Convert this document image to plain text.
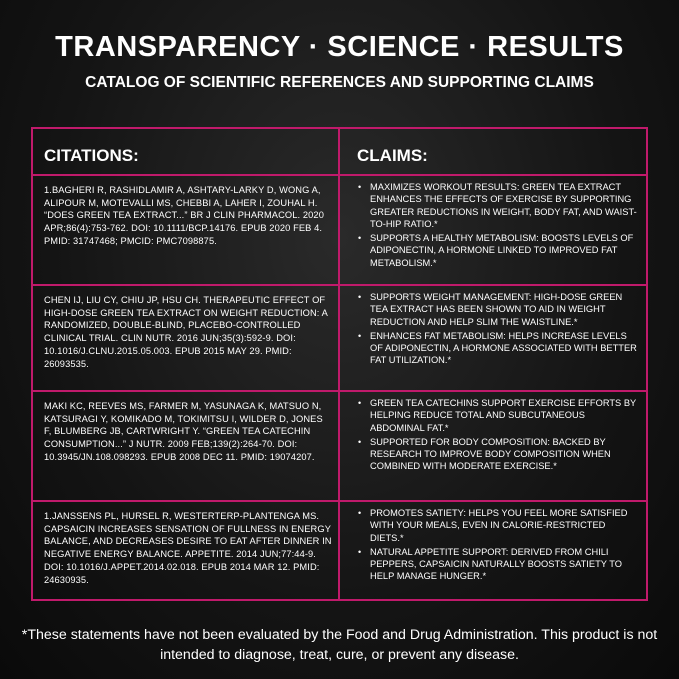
TRANSPARENCY · SCIENCE · RESULTS
CATALOG OF SCIENTIFIC REFERENCES AND SUPPORTING CLAIMS
CITATIONS:	CLAIMS:
1.BAGHERI R, RASHIDLAMIR A, ASHTARY-LARKY D, WONG A, ALIPOUR M, MOTEVALLI MS, CHEBBI A, LAHER I, ZOUHAL H. “DOES GREEN TEA EXTRACT...” BR J CLIN PHARMACOL. 2020 APR;86(4):753-762. DOI: 10.1111/BCP.14176. EPUB 2020 FEB 4. PMID: 31747468; PMCID: PMC7098875.
• MAXIMIZES WORKOUT RESULTS: GREEN TEA EXTRACT ENHANCES THE EFFECTS OF EXERCISE BY SUPPORTING GREATER REDUCTIONS IN WEIGHT, BODY FAT, AND WAIST-TO-HIP RATIO.*
• SUPPORTS A HEALTHY METABOLISM: BOOSTS LEVELS OF ADIPONECTIN, A HORMONE LINKED TO IMPROVED FAT METABOLISM.*
CHEN IJ, LIU CY, CHIU JP, HSU CH. THERAPEUTIC EFFECT OF HIGH-DOSE GREEN TEA EXTRACT ON WEIGHT REDUCTION: A RANDOMIZED, DOUBLE-BLIND, PLACEBO-CONTROLLED CLINICAL TRIAL. CLIN NUTR. 2016 JUN;35(3):592-9. DOI: 10.1016/J.CLNU.2015.05.003. EPUB 2015 MAY 29. PMID: 26093535.
• SUPPORTS WEIGHT MANAGEMENT: HIGH-DOSE GREEN TEA EXTRACT HAS BEEN SHOWN TO AID IN WEIGHT REDUCTION AND HELP SLIM THE WAISTLINE.*
• ENHANCES FAT METABOLISM: HELPS INCREASE LEVELS OF ADIPONECTIN, A HORMONE ASSOCIATED WITH BETTER FAT UTILIZATION.*
MAKI KC, REEVES MS, FARMER M, YASUNAGA K, MATSUO N, KATSURAGI Y, KOMIKADO M, TOKIMITSU I, WILDER D, JONES F, BLUMBERG JB, CARTWRIGHT Y. “GREEN TEA CATECHIN CONSUMPTION...” J NUTR. 2009 FEB;139(2):264-70. DOI: 10.3945/JN.108.098293. EPUB 2008 DEC 11. PMID: 19074207.
• GREEN TEA CATECHINS SUPPORT EXERCISE EFFORTS BY HELPING REDUCE TOTAL AND SUBCUTANEOUS ABDOMINAL FAT.*
• SUPPORTED FOR BODY COMPOSITION: BACKED BY RESEARCH TO IMPROVE BODY COMPOSITION WHEN COMBINED WITH MODERATE EXERCISE.*
1.JANSSENS PL, HURSEL R, WESTERTERP-PLANTENGA MS. CAPSAICIN INCREASES SENSATION OF FULLNESS IN ENERGY BALANCE, AND DECREASES DESIRE TO EAT AFTER DINNER IN NEGATIVE ENERGY BALANCE. APPETITE. 2014 JUN;77:44-9. DOI: 10.1016/J.APPET.2014.02.018. EPUB 2014 MAR 12. PMID: 24630935.
• PROMOTES SATIETY: HELPS YOU FEEL MORE SATISFIED WITH YOUR MEALS, EVEN IN CALORIE-RESTRICTED DIETS.*
• NATURAL APPETITE SUPPORT: DERIVED FROM CHILI PEPPERS, CAPSAICIN NATURALLY BOOSTS SATIETY TO HELP MANAGE HUNGER.*
*These statements have not been evaluated by the Food and Drug Administration. This product is not intended to diagnose, treat, cure, or prevent any disease.
